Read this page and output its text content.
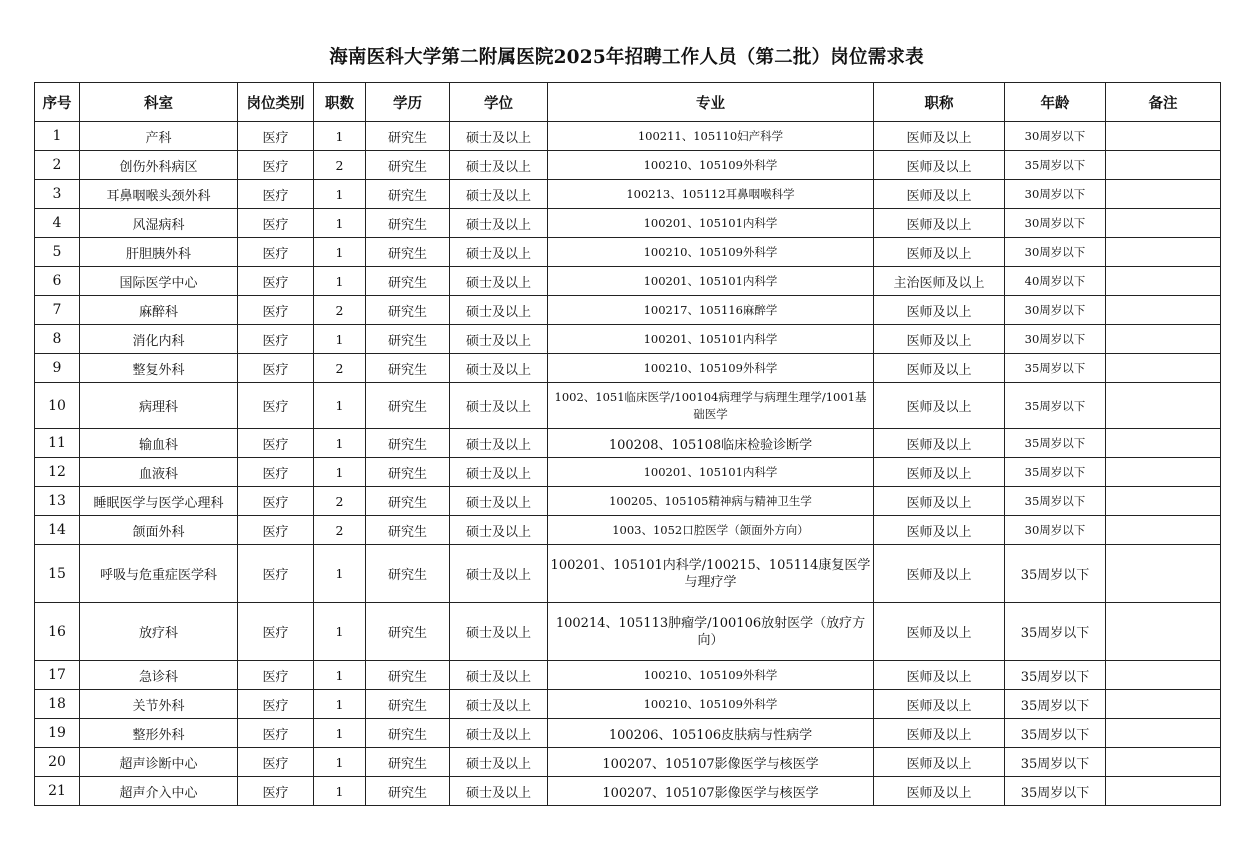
海南医科大学第二附属医院2025年招聘工作人员（第二批）岗位需求表
序号	科室	岗位类别	职数	学历	学位	专业	职称	年龄	备注
1	产科	医疗	1	研究生	硕士及以上	100211、105110妇产科学	医师及以上	30周岁以下	
2	创伤外科病区	医疗	2	研究生	硕士及以上	100210、105109外科学	医师及以上	35周岁以下	
3	耳鼻咽喉头颈外科	医疗	1	研究生	硕士及以上	100213、105112耳鼻咽喉科学	医师及以上	30周岁以下	
4	风湿病科	医疗	1	研究生	硕士及以上	100201、105101内科学	医师及以上	30周岁以下	
5	肝胆胰外科	医疗	1	研究生	硕士及以上	100210、105109外科学	医师及以上	30周岁以下	
6	国际医学中心	医疗	1	研究生	硕士及以上	100201、105101内科学	主治医师及以上	40周岁以下	
7	麻醉科	医疗	2	研究生	硕士及以上	100217、105116麻醉学	医师及以上	30周岁以下	
8	消化内科	医疗	1	研究生	硕士及以上	100201、105101内科学	医师及以上	30周岁以下	
9	整复外科	医疗	2	研究生	硕士及以上	100210、105109外科学	医师及以上	35周岁以下	
10	病理科	医疗	1	研究生	硕士及以上	1002、1051临床医学/100104病理学与病理生理学/1001基础医学	医师及以上	35周岁以下	
11	输血科	医疗	1	研究生	硕士及以上	100208、105108临床检验诊断学	医师及以上	35周岁以下	
12	血液科	医疗	1	研究生	硕士及以上	100201、105101内科学	医师及以上	35周岁以下	
13	睡眠医学与医学心理科	医疗	2	研究生	硕士及以上	100205、105105精神病与精神卫生学	医师及以上	35周岁以下	
14	颌面外科	医疗	2	研究生	硕士及以上	1003、1052口腔医学（颌面外方向）	医师及以上	30周岁以下	
15	呼吸与危重症医学科	医疗	1	研究生	硕士及以上	100201、105101内科学/100215、105114康复医学与理疗学	医师及以上	35周岁以下	
16	放疗科	医疗	1	研究生	硕士及以上	100214、105113肿瘤学/100106放射医学（放疗方向）	医师及以上	35周岁以下	
17	急诊科	医疗	1	研究生	硕士及以上	100210、105109外科学	医师及以上	35周岁以下	
18	关节外科	医疗	1	研究生	硕士及以上	100210、105109外科学	医师及以上	35周岁以下	
19	整形外科	医疗	1	研究生	硕士及以上	100206、105106皮肤病与性病学	医师及以上	35周岁以下	
20	超声诊断中心	医疗	1	研究生	硕士及以上	100207、105107影像医学与核医学	医师及以上	35周岁以下	
21	超声介入中心	医疗	1	研究生	硕士及以上	100207、105107影像医学与核医学	医师及以上	35周岁以下	
